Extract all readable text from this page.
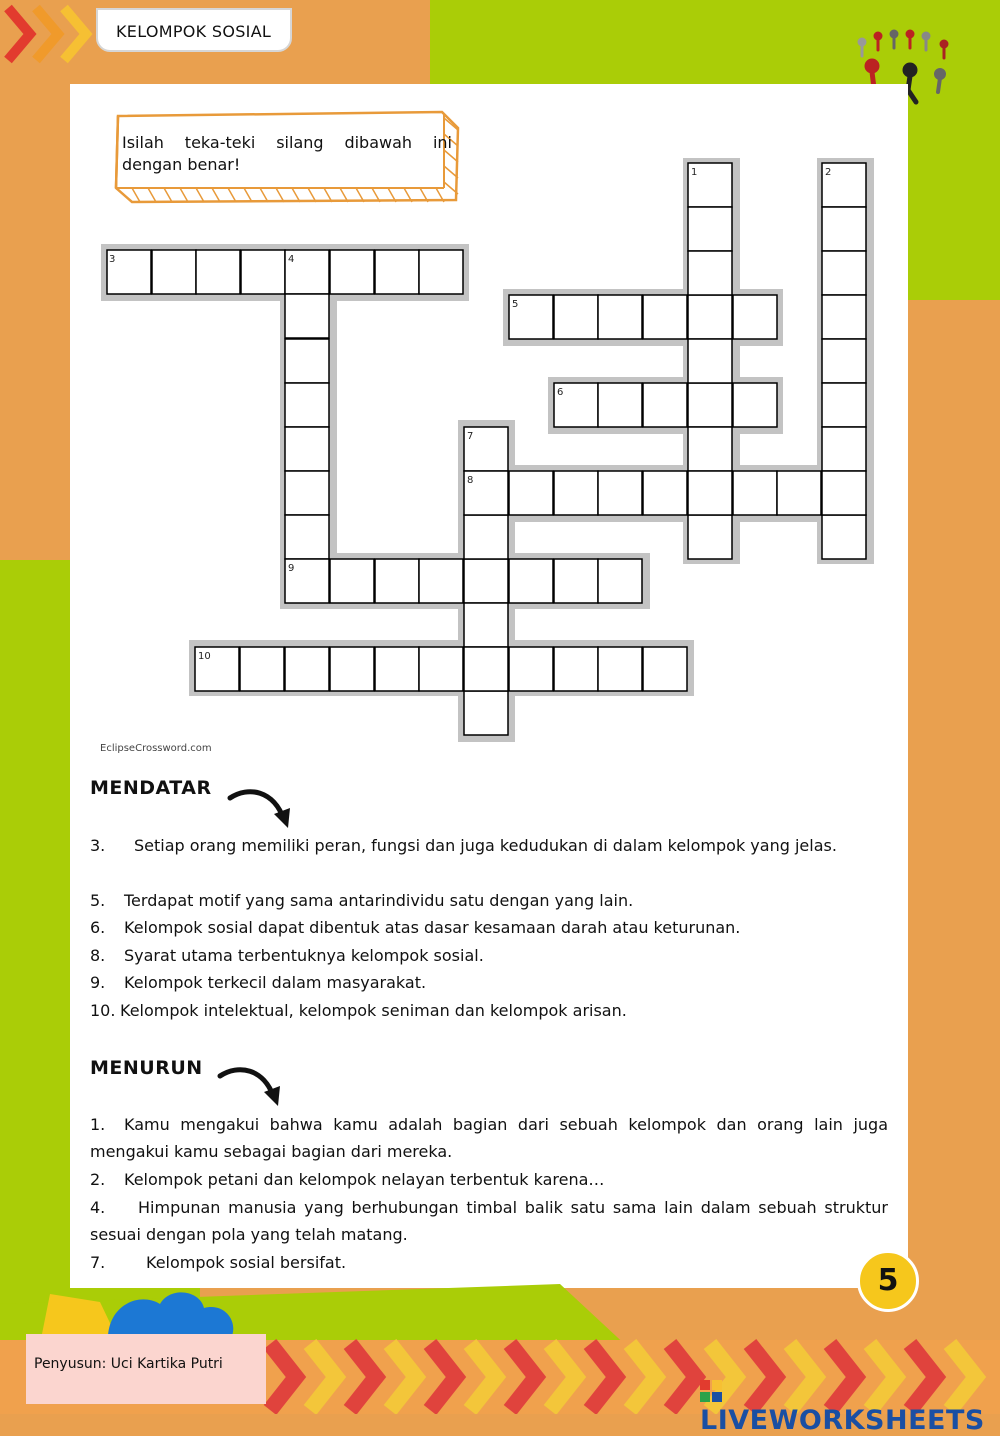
KELOMPOK SOSIAL
Isilah teka-teki silang dibawah ini
dengan benar!	1	2
3	4
5
6
7
8
9
10
EclipseCrossword.com
MENDATAR
3. Setiap orang memiliki peran, fungsi dan juga kedudukan di dalam kelompok yang jelas.
5. Terdapat motif yang sama antarindividu satu dengan yang lain.
6. Kelompok sosial dapat dibentuk atas dasar kesamaan darah atau keturunan.
8. Syarat utama terbentuknya kelompok sosial.
9. Kelompok terkecil dalam masyarakat.
10. Kelompok intelektual, kelompok seniman dan kelompok arisan.
MENURUN
1. Kamu mengakui bahwa kamu adalah bagian dari sebuah kelompok dan orang lain juga mengakui kamu sebagai bagian dari mereka.
2. Kelompok petani dan kelompok nelayan terbentuk karena…
4. Himpunan manusia yang berhubungan timbal balik satu sama lain dalam sebuah struktur sesuai dengan pola yang telah matang.
7.	Kelompok sosial bersifat.
5
Penyusun: Uci Kartika Putri
LIVEWORKSHEETS
